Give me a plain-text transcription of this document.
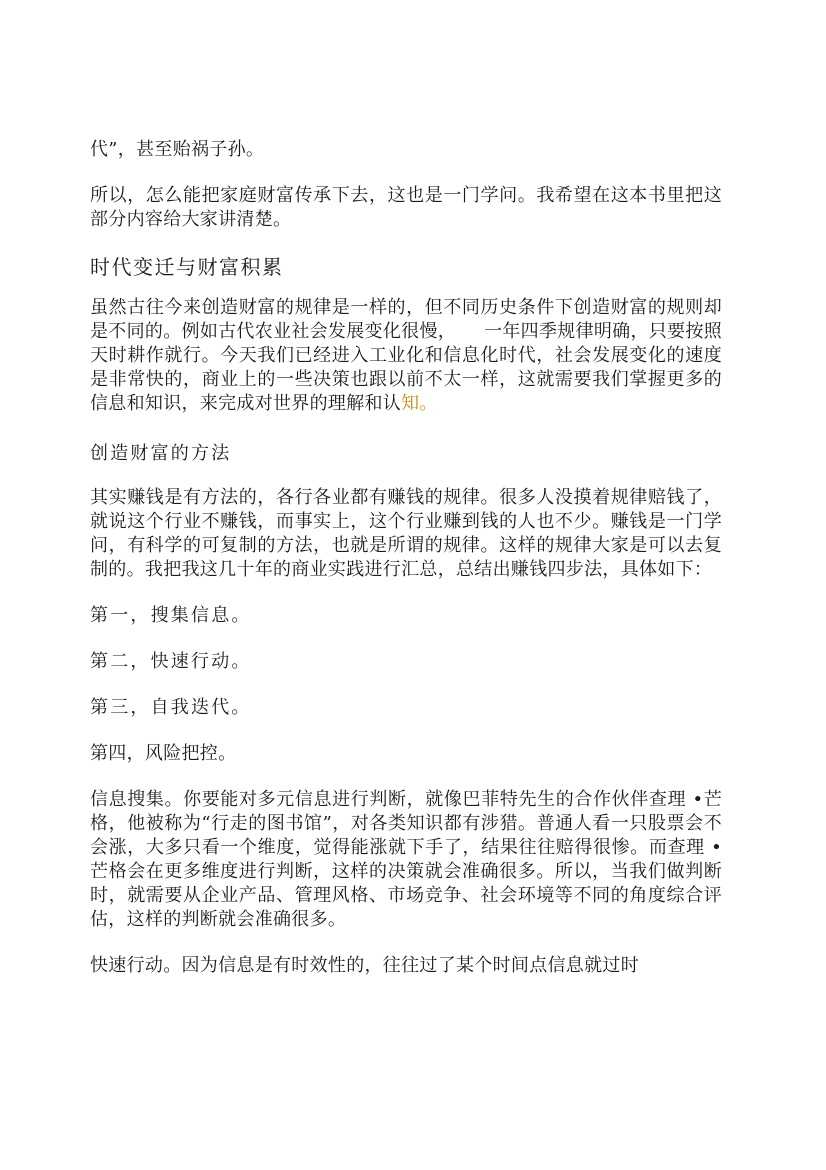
代”，甚至贻祸子孙。

所以，怎么能把家庭财富传承下去，这也是一门学问。我希望在这本书里把这部分内容给大家讲清楚。

时代变迁与财富积累

虽然古往今来创造财富的规律是一样的，但不同历史条件下创造财富的规则却是不同的。例如古代农业社会发展变化很慢， 一年四季规律明确，只要按照天时耕作就行。今天我们已经进入工业化和信息化时代，社会发展变化的速度是非常快的，商业上的一些决策也跟以前不太一样，这就需要我们掌握更多的信息和知识，来完成对世界的理解和认知。

创造财富的方法

其实赚钱是有方法的，各行各业都有赚钱的规律。很多人没摸着规律赔钱了，就说这个行业不赚钱，而事实上，这个行业赚到钱的人也不少。赚钱是一门学问，有科学的可复制的方法，也就是所谓的规律。这样的规律大家是可以去复制的。我把我这几十年的商业实践进行汇总，总结出赚钱四步法，具体如下：

第一，搜集信息。

第二，快速行动。

第三，自我迭代。

第四，风险把控。

信息搜集。你要能对多元信息进行判断，就像巴菲特先生的合作伙伴查理 •芒格，他被称为“行走的图书馆”，对各类知识都有涉猎。普通人看一只股票会不会涨，大多只看一个维度，觉得能涨就下手了，结果往往赔得很惨。而查理 •芒格会在更多维度进行判断，这样的决策就会准确很多。所以，当我们做判断时，就需要从企业产品、管理风格、市场竞争、社会环境等不同的角度综合评估，这样的判断就会准确很多。

快速行动。因为信息是有时效性的，往往过了某个时间点信息就过时
